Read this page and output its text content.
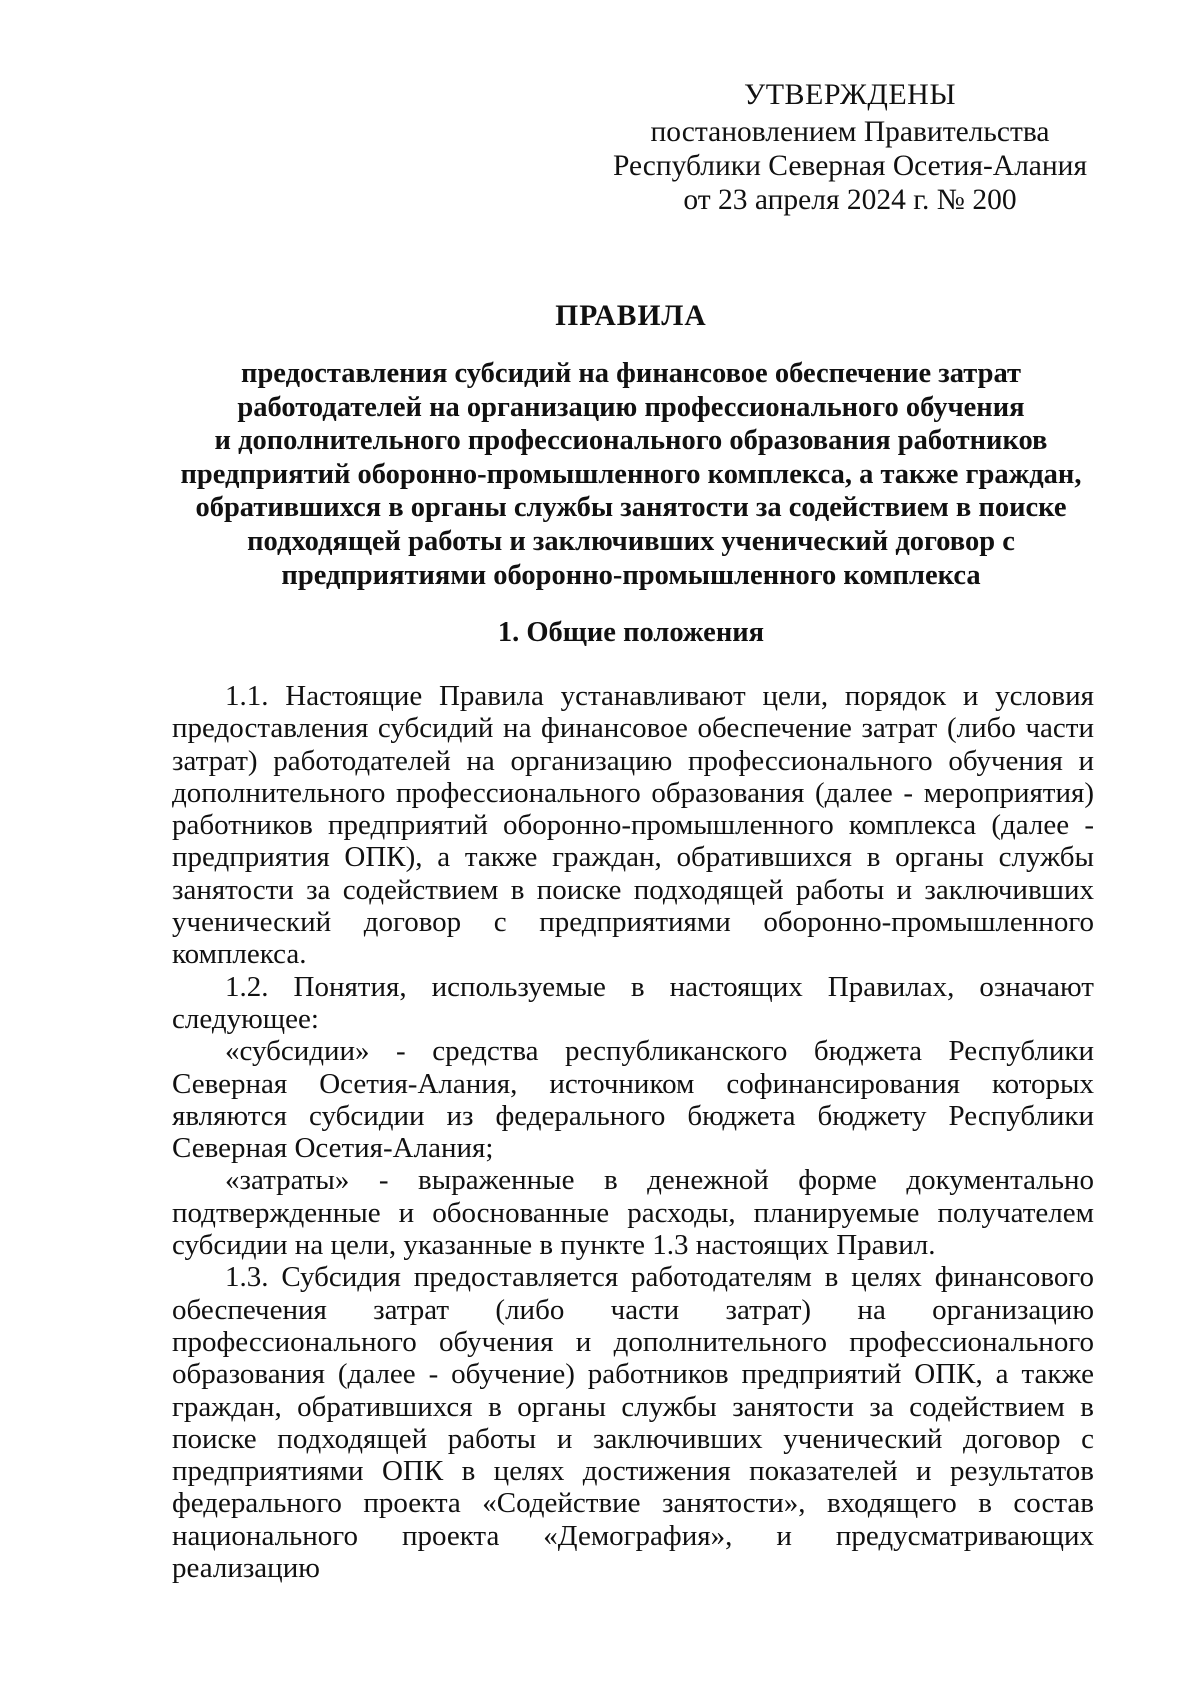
УТВЕРЖДЕНЫ
постановлением Правительства
Республики Северная Осетия-Алания
от 23 апреля 2024 г. № 200
ПРАВИЛА
предоставления субсидий на финансовое обеспечение затрат
работодателей на организацию профессионального обучения
и дополнительного профессионального образования работников
предприятий оборонно-промышленного комплекса, а также граждан,
обратившихся в органы службы занятости за содействием в поиске
подходящей работы и заключивших ученический договор с
предприятиями оборонно-промышленного комплекса
1. Общие положения

1.1. Настоящие Правила устанавливают цели, порядок и условия предоставления субсидий на финансовое обеспечение затрат (либо части затрат) работодателей на организацию профессионального обучения и дополнительного профессионального образования (далее - мероприятия) работников предприятий оборонно-промышленного комплекса (далее - предприятия ОПК), а также граждан, обратившихся в органы службы занятости за содействием в поиске подходящей работы и заключивших ученический договор с предприятиями оборонно-промышленного комплекса.

1.2. Понятия, используемые в настоящих Правилах, означают следующее:

«субсидии» - средства республиканского бюджета Республики Северная Осетия-Алания, источником софинансирования которых являются субсидии из федерального бюджета бюджету Республики Северная Осетия-Алания;

«затраты» - выраженные в денежной форме документально подтвержденные и обоснованные расходы, планируемые получателем субсидии на цели, указанные в пункте 1.3 настоящих Правил.

1.3. Субсидия предоставляется работодателям в целях финансового обеспечения затрат (либо части затрат) на организацию профессионального обучения и дополнительного профессионального образования (далее - обучение) работников предприятий ОПК, а также граждан, обратившихся в органы службы занятости за содействием в поиске подходящей работы и заключивших ученический договор с предприятиями ОПК в целях достижения показателей и результатов федерального проекта «Содействие занятости», входящего в состав национального проекта «Демография», и предусматривающих реализацию
